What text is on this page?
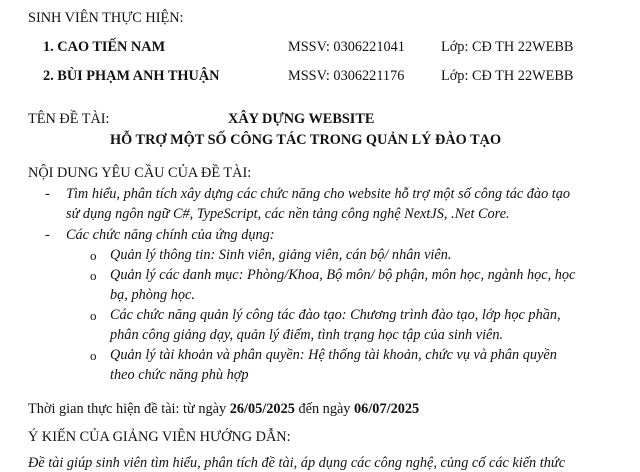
SINH VIÊN THỰC HIỆN:
1. CAO TIẾN NAM	MSSV: 0306221041	Lớp: CĐ TH 22WEBB
2. BÙI PHẠM ANH THUẬN	MSSV: 0306221176	Lớp: CĐ TH 22WEBB
TÊN ĐỀ TÀI:	XÂY DỰNG WEBSITE
HỖ TRỢ MỘT SỐ CÔNG TÁC TRONG QUẢN LÝ ĐÀO TẠO
NỘI DUNG YÊU CẦU CỦA ĐỀ TÀI:
- Tìm hiểu, phân tích xây dựng các chức năng cho website hỗ trợ một số công tác đào tạo
sử dụng ngôn ngữ C#, TypeScript, các nền tảng công nghệ NextJS, .Net Core.
- Các chức năng chính của ứng dụng:
o Quản lý thông tin: Sinh viên, giảng viên, cán bộ/ nhân viên.
o Quản lý các danh mục: Phòng/Khoa, Bộ môn/ bộ phận, môn học, ngành học, học
bạ, phòng học.
o Các chức năng quản lý công tác đào tạo: Chương trình đào tạo, lớp học phần,
phân công giảng dạy, quản lý điểm, tình trạng học tập của sinh viên.
o Quản lý tài khoản và phân quyền: Hệ thống tài khoản, chức vụ và phân quyền
theo chức năng phù hợp
Thời gian thực hiện đề tài: từ ngày 26/05/2025 đến ngày 06/07/2025
Ý KIẾN CỦA GIẢNG VIÊN HƯỚNG DẪN:
Đề tài giúp sinh viên tìm hiểu, phân tích đề tài, áp dụng các công nghệ, củng cố các kiến thức
